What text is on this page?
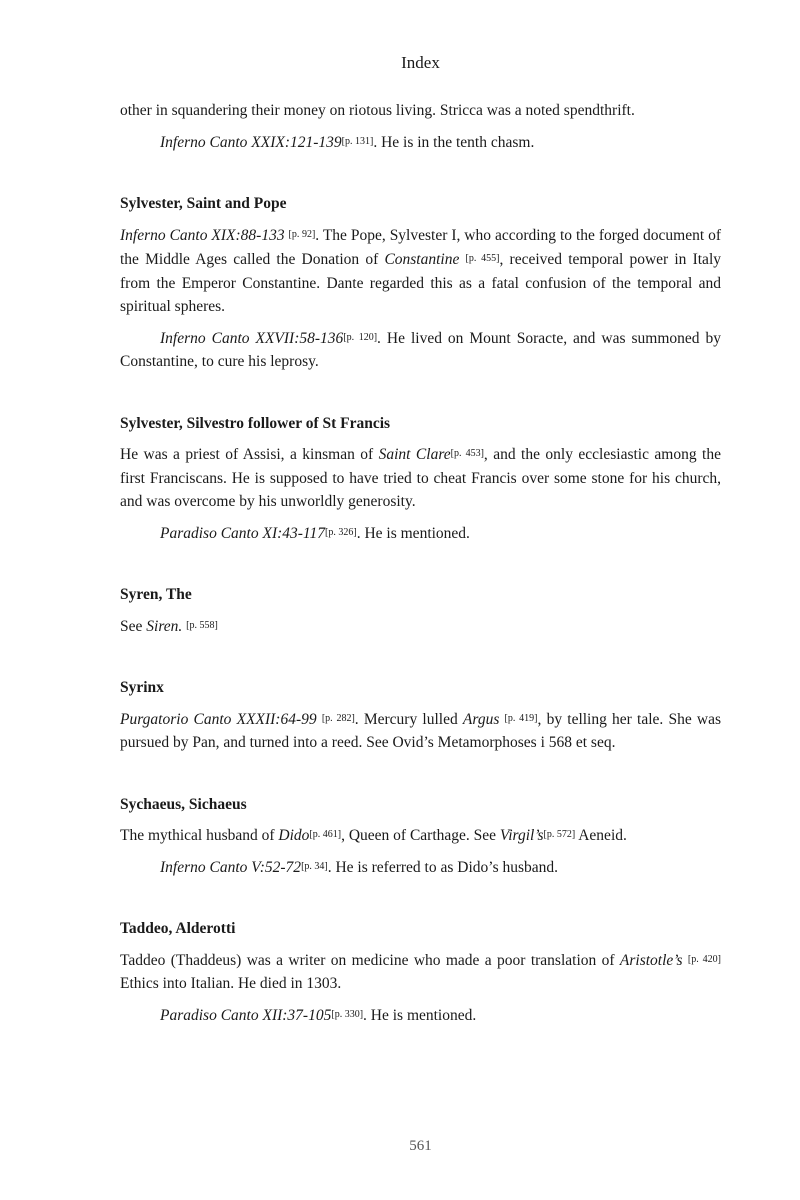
Index

other in squandering their money on riotous living. Stricca was a noted spendthrift.

Inferno Canto XXIX:121-139[p. 131]. He is in the tenth chasm.

Sylvester, Saint and Pope

Inferno Canto XIX:88-133 [p. 92]. The Pope, Sylvester I, who according to the forged document of the Middle Ages called the Donation of Constantine [p. 455], received temporal power in Italy from the Emperor Constantine. Dante regarded this as a fatal confusion of the temporal and spiritual spheres.

Inferno Canto XXVII:58-136[p. 120]. He lived on Mount Soracte, and was summoned by Constantine, to cure his leprosy.

Sylvester, Silvestro follower of St Francis

He was a priest of Assisi, a kinsman of Saint Clare[p. 453], and the only ecclesiastic among the first Franciscans. He is supposed to have tried to cheat Francis over some stone for his church, and was overcome by his unworldly generosity.

Paradiso Canto XI:43-117[p. 326]. He is mentioned.

Syren, The

See Siren. [p. 558]

Syrinx

Purgatorio Canto XXXII:64-99 [p. 282]. Mercury lulled Argus [p. 419], by telling her tale. She was pursued by Pan, and turned into a reed. See Ovid’s Metamorphoses i 568 et seq.

Sychaeus, Sichaeus

The mythical husband of Dido[p. 461], Queen of Carthage. See Virgil’s[p. 572] Aeneid.

Inferno Canto V:52-72[p. 34]. He is referred to as Dido’s husband.

Taddeo, Alderotti

Taddeo (Thaddeus) was a writer on medicine who made a poor translation of Aristotle’s [p. 420] Ethics into Italian. He died in 1303.

Paradiso Canto XII:37-105[p. 330]. He is mentioned.

561
